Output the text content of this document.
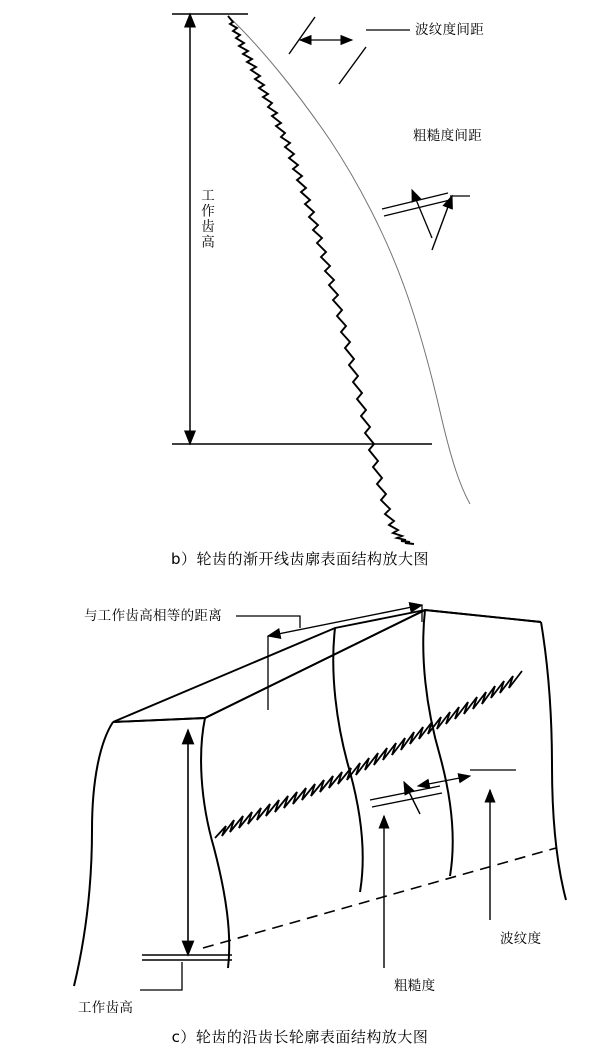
波纹度间距
粗糙度间距
工作齿高
与工作齿高相等的距离
粗糙度
波纹度
工作齿高
b）轮齿的渐开线齿廓表面结构放大图
c）轮齿的沿齿长轮廓表面结构放大图
